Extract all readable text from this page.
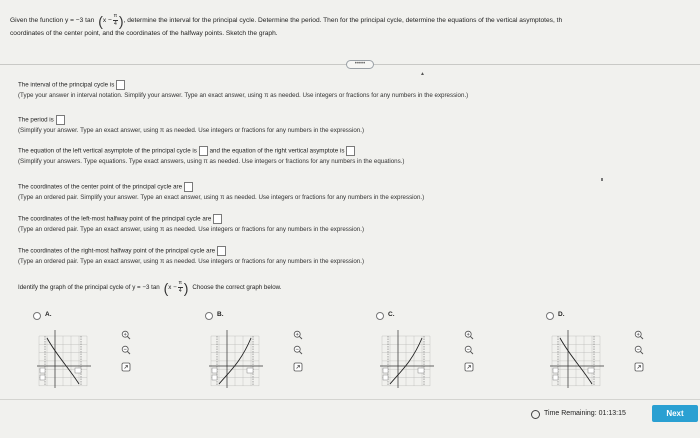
Given the function y = −3 tan ( $x - \frac{\pi}{4}$ ) , determine the interval for the principal cycle. Determine the period. Then for the principal cycle, determine the equations of the vertical asymptotes, th
coordinates of the center point, and the coordinates of the halfway points. Sketch the graph.
•••••
▲
The interval of the principal cycle is
(Type your answer in interval notation. Simplify your answer. Type an exact answer, using π as needed. Use integers or fractions for any numbers in the expression.)
The period is
(Simplify your answer. Type an exact answer, using π as needed. Use integers or fractions for any numbers in the expression.)
The equation of the left vertical asymptote of the principal cycle is and the equation of the right vertical asymptote is
(Simplify your answers. Type equations. Type exact answers, using π as needed. Use integers or fractions for any numbers in the equations.)
The coordinates of the center point of the principal cycle are
(Type an ordered pair. Simplify your answer. Type an exact answer, using π as needed. Use integers or fractions for any numbers in the expression.)
The coordinates of the left-most halfway point of the principal cycle are
(Type an ordered pair. Type an exact answer, using π as needed. Use integers or fractions for any numbers in the expression.)
The coordinates of the right-most halfway point of the principal cycle are
(Type an ordered pair. Type an exact answer, using π as needed. Use integers or fractions for any numbers in the expression.)
Identify the graph of the principal cycle of y = −3 tan ( $x - \frac{\pi}{4}$ ) Choose the correct graph below.
A.	B.	C.	D.
Time Remaining:
01:13:15	Next
